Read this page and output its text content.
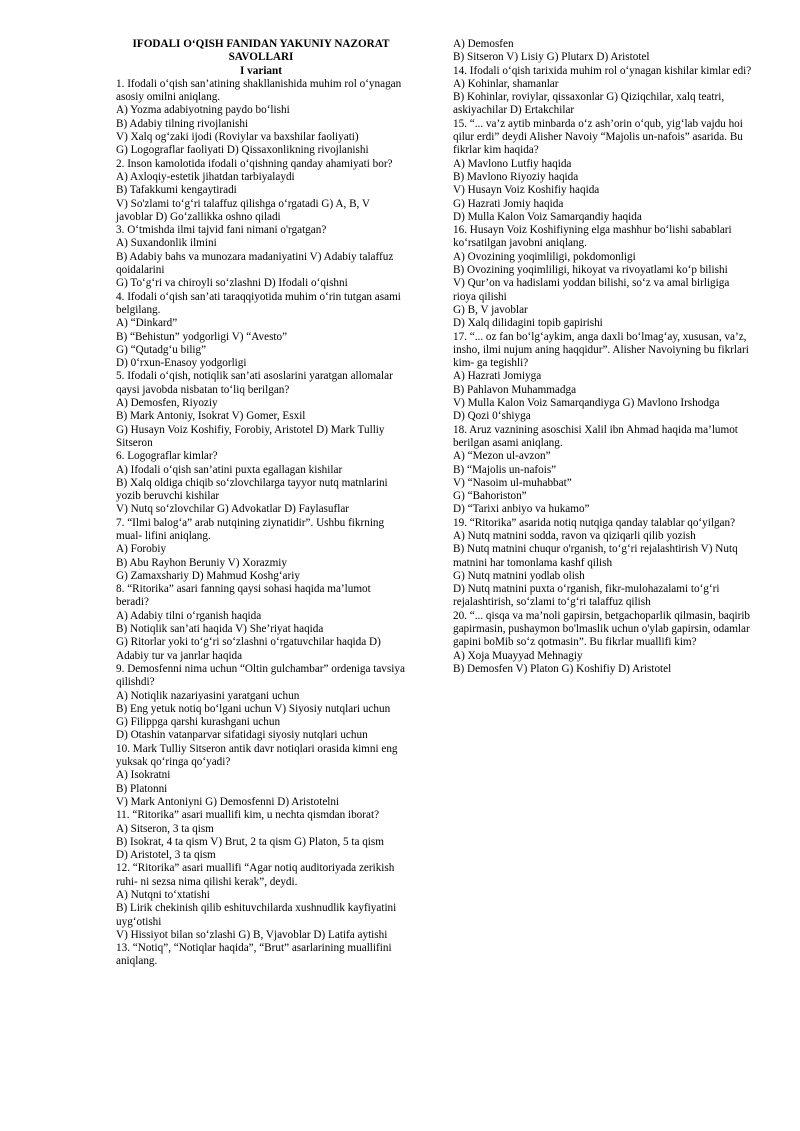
IFODALI O‘QISH FANIDAN YAKUNIY NAZORAT
SAVOLLARI
I variant
1. Ifodali o‘qish san’atining shakllanishida muhim rol o‘ynagan asosiy omilni aniqlang.
A) Yozma adabiyotning paydo bo‘lishi
B) Adabiy tilning rivojlanishi
V) Xalq og‘zaki ijodi (Roviylar va baxshilar faoliyati)
G) Logograflar faoliyati D) Qissaxonlikning rivojlanishi
2. Inson kamolotida ifodali o‘qishning qanday ahamiyati bor?
A) Axloqiy-estetik jihatdan tarbiyalaydi
B) Tafakkumi kengaytiradi
V) So'zlami to‘g‘ri talaffuz qilishga o‘rgatadi G) A, B, V javoblar D) Go‘zallikka oshno qiladi
3. O‘tmishda ilmi tajvid fani nimani o'rgatgan?
A) Suxandonlik ilmini
B) Adabiy bahs va munozara madaniyatini V) Adabiy talaffuz qoidalarini
G) To‘g‘ri va chiroyli so‘zlashni D) Ifodali o‘qishni
4. Ifodali o‘qish san’ati taraqqiyotida muhim o‘rin tutgan asami belgilang.
A) “Dinkard”
B) “Behistun” yodgorligi V) “Avesto”
G) “Qutadg‘u bilig”
D) 0‘rxun-Enasoy yodgorligi
5. Ifodali o‘qish, notiqlik san’ati asoslarini yaratgan allomalar qaysi javobda nisbatan to‘liq berilgan?
A) Demosfen, Riyoziy
B) Mark Antoniy, Isokrat V) Gomer, Esxil
G) Husayn Voiz Koshifiy, Forobiy, Aristotel D) Mark Tulliy Sitseron
6. Logograflar kimlar?
A) Ifodali o‘qish san’atini puxta egallagan kishilar
B) Xalq oldiga chiqib so‘zlovchilarga tayyor nutq matnlarini yozib beruvchi kishilar
V) Nutq so‘zlovchilar G) Advokatlar D) Faylasuflar
7. “Ilmi balog‘a” arab nutqining ziynatidir”. Ushbu fikrning mual- lifini aniqlang.
A) Forobiy
B) Abu Rayhon Beruniy V) Xorazmiy
G) Zamaxshariy D) Mahmud Koshg‘ariy
8. “Ritorika” asari fanning qaysi sohasi haqida ma’lumot beradi?
A) Adabiy tilni o‘rganish haqida
B) Notiqlik san’ati haqida V) She’riyat haqida
G) Ritorlar yoki to‘g‘ri so‘zlashni o‘rgatuvchilar haqida D) Adabiy tur va janrlar haqida
9. Demosfenni nima uchun “Oltin gulchambar” ordeniga tavsiya qilishdi?
A) Notiqlik nazariyasini yaratgani uchun
B) Eng yetuk notiq bo‘lgani uchun V) Siyosiy nutqlari uchun
G) Filippga qarshi kurashgani uchun
D) Otashin vatanparvar sifatidagi siyosiy nutqlari uchun
10. Mark Tulliy Sitseron antik davr notiqlari orasida kimni eng yuksak qo‘ringa qo‘yadi?
A) Isokratni
B) Platonni
V) Mark Antoniyni G) Demosfenni D) Aristotelni
11. “Ritorika” asari muallifi kim, u nechta qismdan iborat?
A) Sitseron, 3 ta qism
B) Isokrat, 4 ta qism V) Brut, 2 ta qism G) Platon, 5 ta qism
D) Aristotel, 3 ta qism
12. “Ritorika” asari muallifi “Agar notiq auditoriyada zerikish ruhi- ni sezsa nima qilishi kerak”, deydi.
A) Nutqni to‘xtatishi
B) Lirik chekinish qilib eshituvchilarda xushnudlik kayfiyatini uyg‘otishi
V) Hissiyot bilan so‘zlashi G) B, Vjavoblar D) Latifa aytishi
13. “Notiq”, “Notiqlar haqida”, “Brut” asarlarining muallifini aniqlang.
A) Demosfen
B) Sitseron V) Lisiy G) Plutarx D) Aristotel
14. Ifodali o‘qish tarixida muhim rol o‘ynagan kishilar kimlar edi?
A) Kohinlar, shamanlar
B) Kohinlar, roviylar, qissaxonlar G) Qiziqchilar, xalq teatri, askiyachilar D) Ertakchilar
15. “... va’z aytib minbarda o‘z ash’orin o‘qub, yig‘lab vajdu hoi qilur erdi” deydi Alisher Navoiy “Majolis un-nafois” asarida. Bu fikrlar kim haqida?
A) Mavlono Lutfiy haqida
B) Mavlono Riyoziy haqida
V) Husayn Voiz Koshifiy haqida
G) Hazrati Jomiy haqida
D) Mulla Kalon Voiz Samarqandiy haqida
16. Husayn Voiz Koshifiyning elga mashhur bo‘lishi sabablari ko‘rsatilgan javobni aniqlang.
A) Ovozining yoqimliligi, pokdomonligi
B) Ovozining yoqimliligi, hikoyat va rivoyatlami ko‘p bilishi
V) Qur’on va hadislami yoddan bilishi, so‘z va amal birligiga rioya qilishi
G) B, V javoblar
D) Xalq dilidagini topib gapirishi
17. “... oz fan bo‘lg‘aykim, anga daxli bo‘lmag‘ay, xususan, va’z, insho, ilmi nujum aning haqqidur”. Alisher Navoiyning bu fikrlari kim- ga tegishli?
A) Hazrati Jomiyga
B) Pahlavon Muhammadga
V) Mulla Kalon Voiz Samarqandiyga G) Mavlono Irshodga
D) Qozi 0‘shiyga
18. Aruz vaznining asoschisi Xalil ibn Ahmad haqida ma’lumot berilgan asami aniqlang.
A) “Mezon ul-avzon”
B) “Majolis un-nafois”
V) “Nasoim ul-muhabbat”
G) “Bahoriston”
D) “Tarixi anbiyo va hukamo”
19. “Ritorika” asarida notiq nutqiga qanday talablar qo‘yilgan?
A) Nutq matnini sodda, ravon va qiziqarli qilib yozish
B) Nutq matnini chuqur o'rganish, to‘g‘ri rejalashtirish V) Nutq matnini har tomonlama kashf qilish
G) Nutq matnini yodlab olish
D) Nutq matnini puxta o‘rganish, fikr-mulohazalami to‘g‘ri rejalashtirish, so‘zlami to‘g‘ri talaffuz qilish
20. “... qisqa va ma’noli gapirsin, betgachoparlik qilmasin, baqirib gapirmasin, pushaymon bo'lmaslik uchun o'ylab gapirsin, odamlar gapini boMib so‘z qotmasin”. Bu fikrlar muallifi kim?
A) Xoja Muayyad Mehnagiy
B) Demosfen V) Platon G) Koshifiy D) Aristotel
